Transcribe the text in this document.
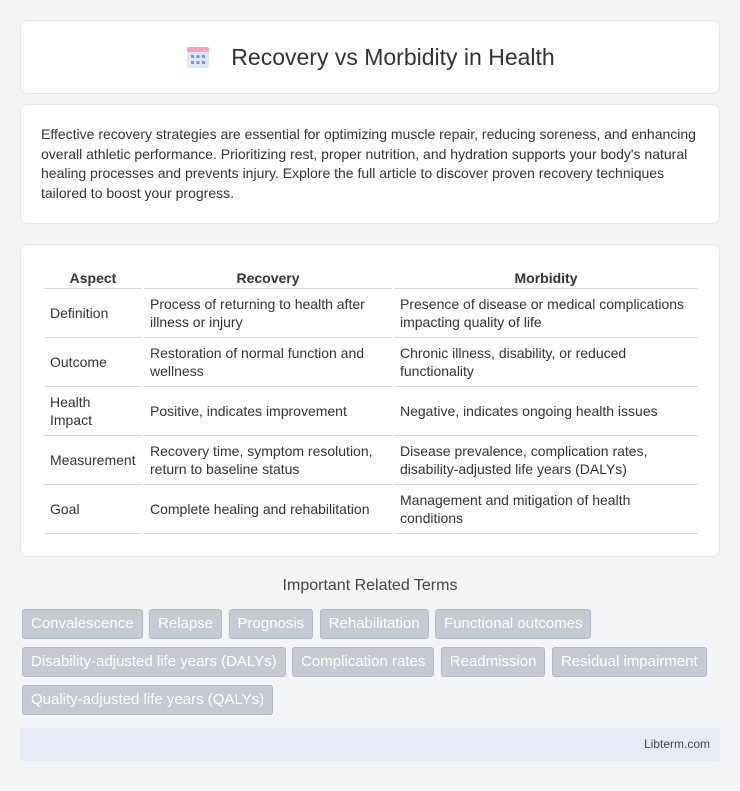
Recovery vs Morbidity in Health

Effective recovery strategies are essential for optimizing muscle repair, reducing soreness, and enhancing overall athletic performance. Prioritizing rest, proper nutrition, and hydration supports your body's natural healing processes and prevents injury. Explore the full article to discover proven recovery techniques tailored to boost your progress.

Aspect	Recovery	Morbidity
Definition	Process of returning to health after illness or injury	Presence of disease or medical complications impacting quality of life
Outcome	Restoration of normal function and wellness	Chronic illness, disability, or reduced functionality
Health Impact	Positive, indicates improvement	Negative, indicates ongoing health issues
Measurement	Recovery time, symptom resolution, return to baseline status	Disease prevalence, complication rates, disability-adjusted life years (DALYs)
Goal	Complete healing and rehabilitation	Management and mitigation of health conditions
Important Related Terms
Convalescence Relapse Prognosis Rehabilitation Functional outcomes Disability-adjusted life years (DALYs) Complication rates Readmission Residual impairment Quality-adjusted life years (QALYs)
Libterm.com
